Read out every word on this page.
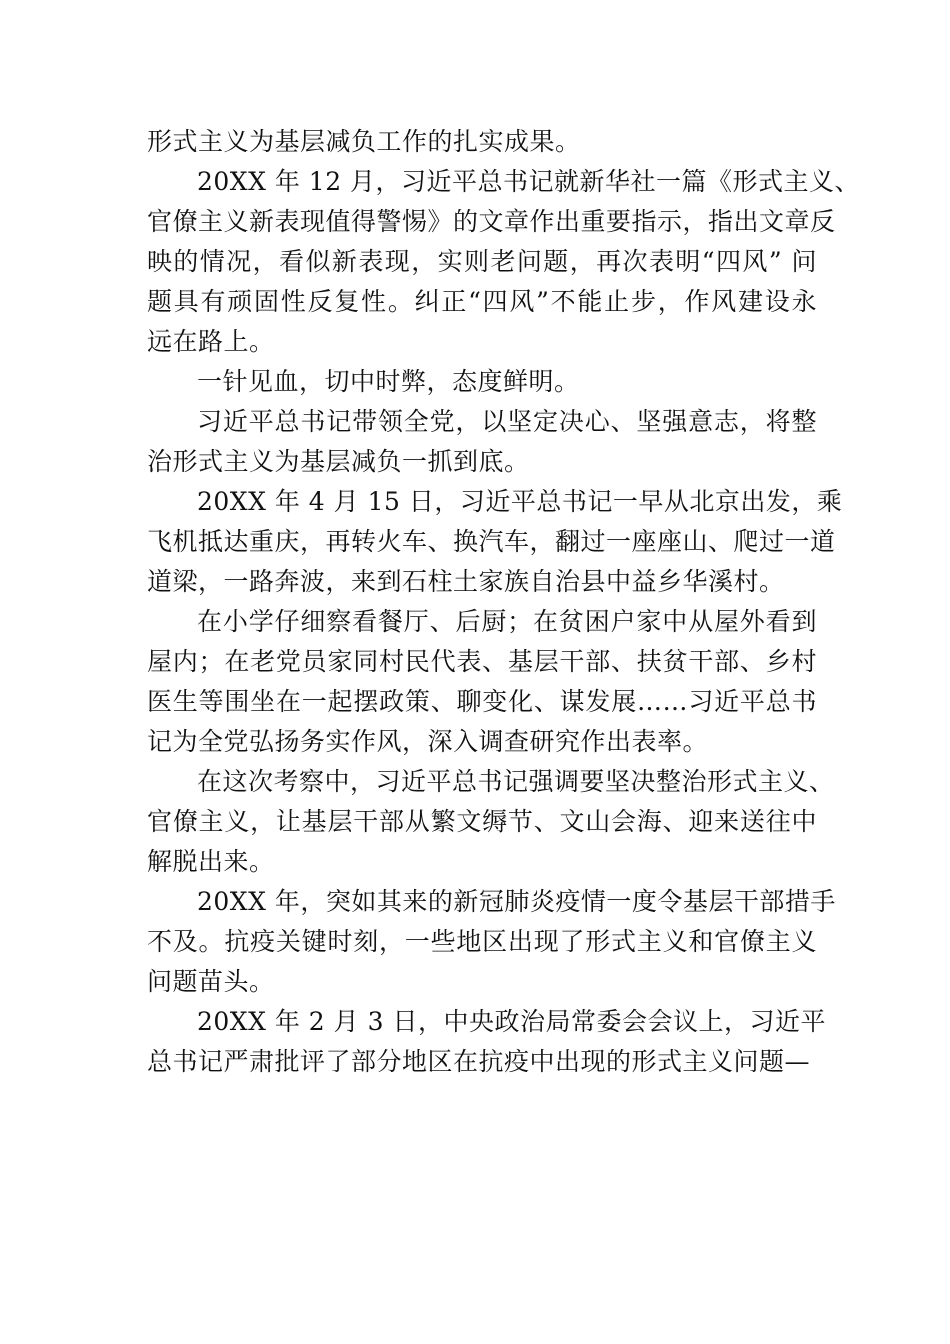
形式主义为基层减负工作的扎实成果。

20XX 年 12 月，习近平总书记就新华社一篇《形式主义、
官僚主义新表现值得警惕》的文章作出重要指示，指出文章反
映的情况，看似新表现，实则老问题，再次表明“四风” 问
题具有顽固性反复性。纠正“四风”不能止步，作风建设永
远在路上。

一针见血，切中时弊，态度鲜明。

习近平总书记带领全党，以坚定决心、坚强意志，将整
治形式主义为基层减负一抓到底。

20XX 年 4 月 15 日，习近平总书记一早从北京出发，乘
飞机抵达重庆，再转火车、换汽车，翻过一座座山、爬过一道
道梁，一路奔波，来到石柱土家族自治县中益乡华溪村。

在小学仔细察看餐厅、后厨；在贫困户家中从屋外看到
屋内；在老党员家同村民代表、基层干部、扶贫干部、乡村
医生等围坐在一起摆政策、聊变化、谋发展……习近平总书
记为全党弘扬务实作风，深入调查研究作出表率。

在这次考察中，习近平总书记强调要坚决整治形式主义、
官僚主义，让基层干部从繁文缛节、文山会海、迎来送往中
解脱出来。

20XX 年，突如其来的新冠肺炎疫情一度令基层干部措手
不及。抗疫关键时刻，一些地区出现了形式主义和官僚主义
问题苗头。

20XX 年 2 月 3 日，中央政治局常委会会议上，习近平
总书记严肃批评了部分地区在抗疫中出现的形式主义问题—
